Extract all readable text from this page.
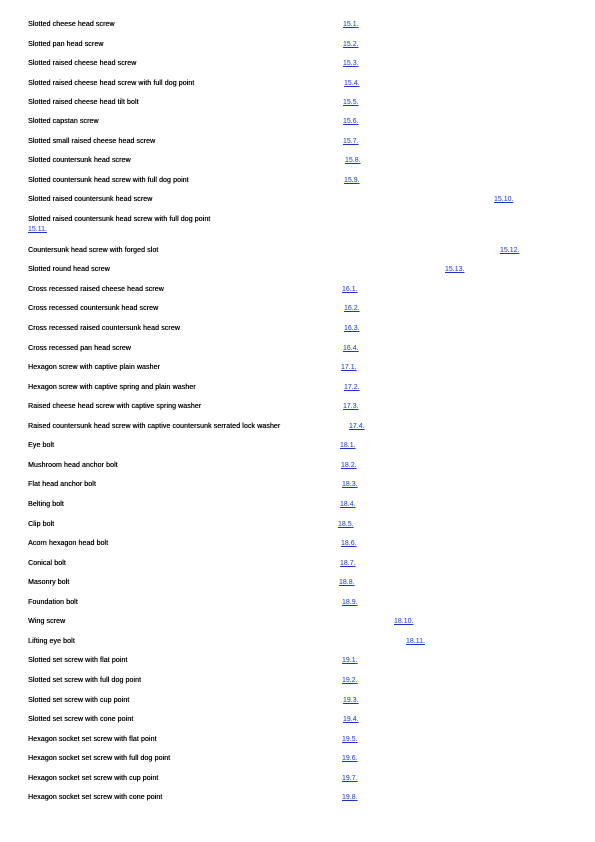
Slotted cheese head screw	15.1.
Slotted pan head screw	15.2.
Slotted raised cheese head screw	15.3.
Slotted raised cheese head screw with full dog point	15.4.
Slotted raised cheese head tilt bolt	15.5.
Slotted capstan screw	15.6.
Slotted small raised cheese head screw	15.7.
Slotted countersunk head screw	15.8.
Slotted countersunk head screw with full dog point	15.9.
Slotted raised countersunk head screw	15.10.
Slotted raised countersunk head screw with full dog point
15.11.
Countersunk head screw with forged slot	15.12.
Slotted round head screw	15.13.
Cross recessed raised cheese head screw	16.1.
Cross recessed countersunk head screw	16.2.
Cross recessed raised countersunk head screw	16.3.
Cross recessed pan head screw	16.4.
Hexagon screw with captive plain washer	17.1.
Hexagon screw with captive spring and plain washer	17.2.
Raised cheese head screw with captive spring washer	17.3.
Raised countersunk head screw with captive countersunk serrated lock washer	17.4.
Eye bolt	18.1.
Mushroom head anchor bolt	18.2.
Flat head anchor bolt	18.3.
Belting bolt	18.4.
Clip bolt	18.5.
Acorn hexagon head bolt	18.6.
Conical bolt	18.7.
Masonry bolt	18.8.
Foundation bolt	18.9.
Wing screw	18.10.
Lifting eye bolt	18.11.
Slotted set screw with flat point	19.1.
Slotted set screw with full dog point	19.2.
Slotted set screw with cup point	19.3.
Slotted set screw with cone point	19.4.
Hexagon socket set screw with flat point	19.5.
Hexagon socket set screw with full dog point	19.6.
Hexagon socket set screw with cup point	19.7.
Hexagon socket set screw with cone point	19.8.
